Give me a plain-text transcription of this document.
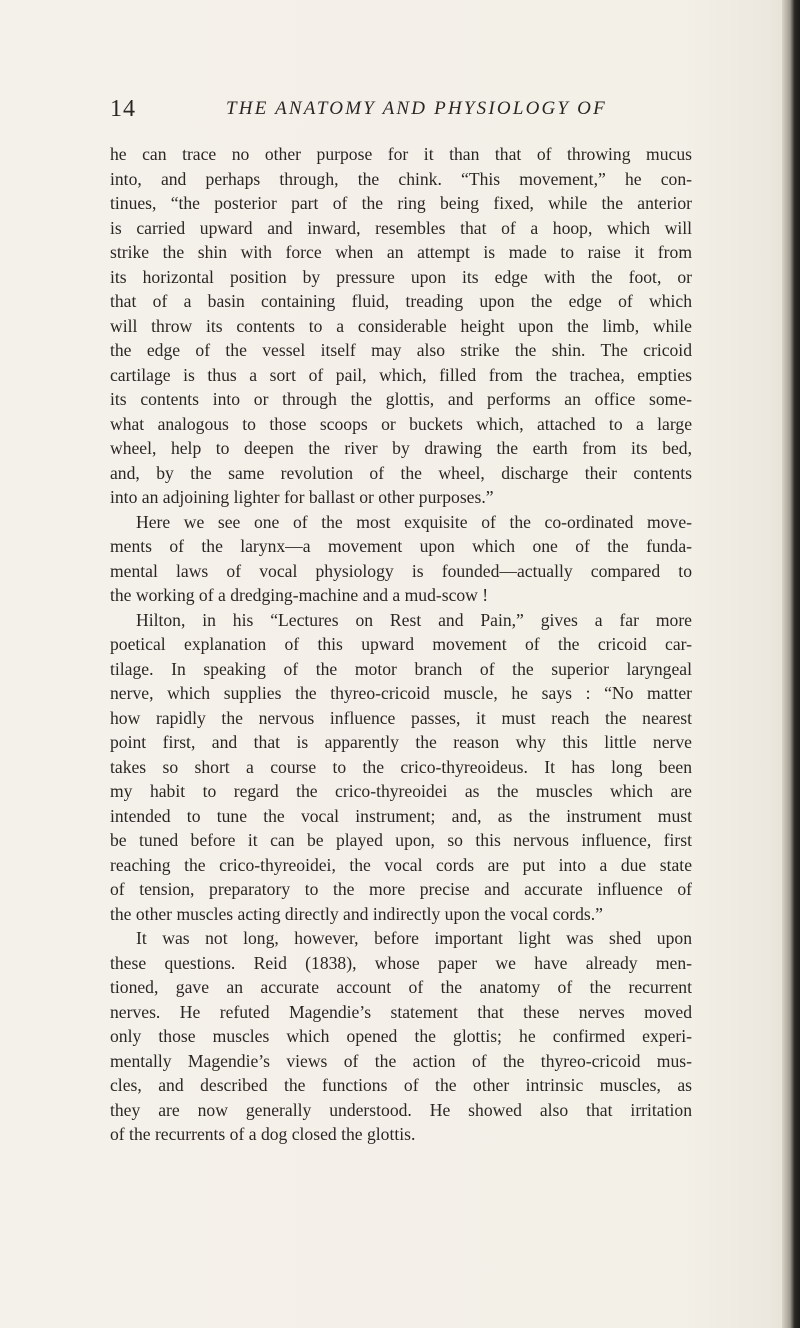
14	THE ANATOMY AND PHYSIOLOGY OF
he can trace no other purpose for it than that of throwing mucus
into, and perhaps through, the chink. “This movement,” he con-
tinues, “the posterior part of the ring being fixed, while the anterior
is carried upward and inward, resembles that of a hoop, which will
strike the shin with force when an attempt is made to raise it from
its horizontal position by pressure upon its edge with the foot, or
that of a basin containing fluid, treading upon the edge of which
will throw its contents to a considerable height upon the limb, while
the edge of the vessel itself may also strike the shin. The cricoid
cartilage is thus a sort of pail, which, filled from the trachea, empties
its contents into or through the glottis, and performs an office some-
what analogous to those scoops or buckets which, attached to a large
wheel, help to deepen the river by drawing the earth from its bed,
and, by the same revolution of the wheel, discharge their contents
into an adjoining lighter for ballast or other purposes.”
Here we see one of the most exquisite of the co-ordinated move-
ments of the larynx—a movement upon which one of the funda-
mental laws of vocal physiology is founded—actually compared to
the working of a dredging-machine and a mud-scow !
Hilton, in his “Lectures on Rest and Pain,” gives a far more
poetical explanation of this upward movement of the cricoid car-
tilage. In speaking of the motor branch of the superior laryngeal
nerve, which supplies the thyreo-cricoid muscle, he says : “No matter
how rapidly the nervous influence passes, it must reach the nearest
point first, and that is apparently the reason why this little nerve
takes so short a course to the crico-thyreoideus. It has long been
my habit to regard the crico-thyreoidei as the muscles which are
intended to tune the vocal instrument; and, as the instrument must
be tuned before it can be played upon, so this nervous influence, first
reaching the crico-thyreoidei, the vocal cords are put into a due state
of tension, preparatory to the more precise and accurate influence of
the other muscles acting directly and indirectly upon the vocal cords.”
It was not long, however, before important light was shed upon
these questions. Reid (1838), whose paper we have already men-
tioned, gave an accurate account of the anatomy of the recurrent
nerves. He refuted Magendie’s statement that these nerves moved
only those muscles which opened the glottis; he confirmed experi-
mentally Magendie’s views of the action of the thyreo-cricoid mus-
cles, and described the functions of the other intrinsic muscles, as
they are now generally understood. He showed also that irritation
of the recurrents of a dog closed the glottis.
